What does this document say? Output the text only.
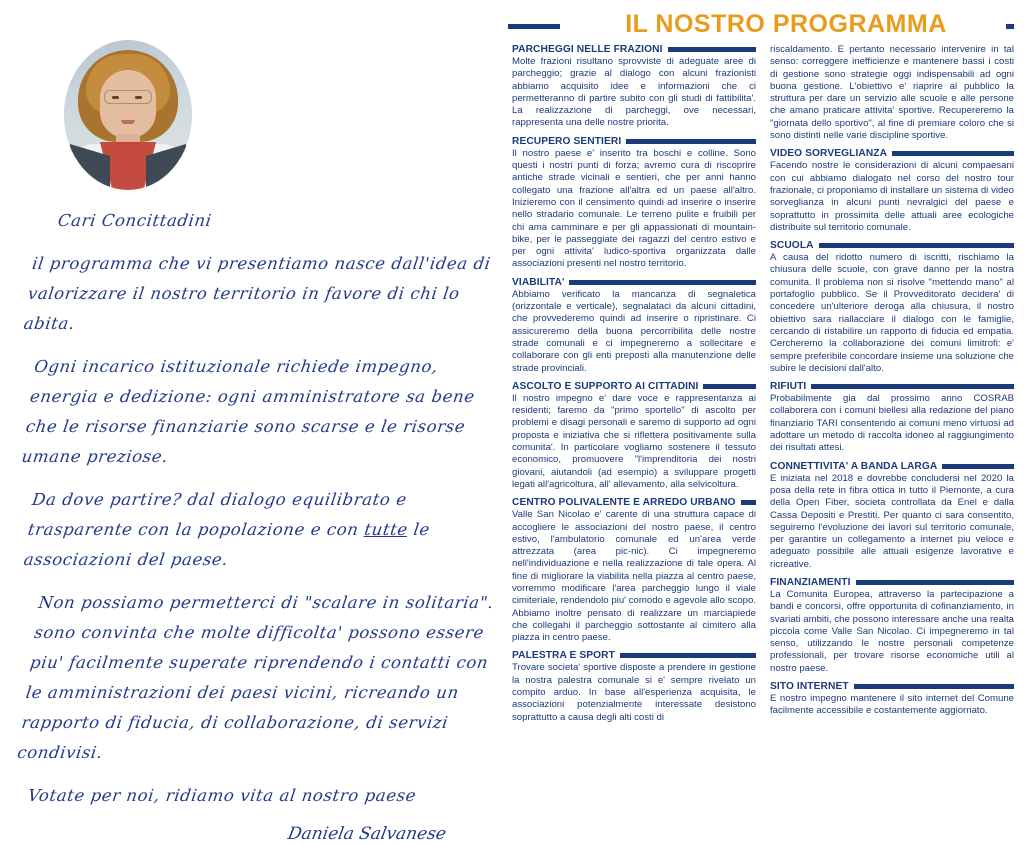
IL NOSTRO PROGRAMMA

Cari Concittadini

il programma che vi presentiamo nasce dall'idea di valorizzare il nostro territorio in favore di chi lo abita.

Ogni incarico istituzionale richiede impegno, energia e dedizione: ogni amministratore sa bene che le risorse finanziarie sono scarse e le risorse umane preziose.

Da dove partire? dal dialogo equilibrato e trasparente con la popolazione e con tutte le associazioni del paese.

Non possiamo permetterci di "scalare in solitaria". sono convinta che molte difficolta' possono essere piu' facilmente superate riprendendo i contatti con le amministrazioni dei paesi vicini, ricreando un rapporto di fiducia, di collaborazione, di servizi condivisi.

Votate per noi, ridiamo vita al nostro paese

Daniela Salvanese
PARCHEGGI NELLE FRAZIONI

Molte frazioni risultano sprovviste di adeguate aree di parcheggio; grazie al dialogo con alcuni frazionisti abbiamo acquisito idee e informazioni che ci permetteranno di partire subito con gli studi di fattibilita'. La realizzazione di parcheggi, ove necessari, rappresenta una delle nostre priorita.

RECUPERO SENTIERI

Il nostro paese e' inserito tra boschi e colline. Sono questi i nostri punti di forza; avremo cura di riscoprire antiche strade vicinali e sentieri, che per anni hanno collegato una frazione all'altra ed un paese all'altro. Inizieremo con il censimento quindi ad inserire o inserire nello stradario comunale. Le terreno pulite e fruibili per chi ama camminare e per gli appassionati di mountain-bike, per le passeggiate dei ragazzi del centro estivo e per ogni attivita' ludico-sportiva organizzata dalle associazioni presenti nel nostro territorio.

VIABILITA'

Abbiamo verificato la mancanza di segnaletica (orizzontale e verticale), segnalataci da alcuni cittadini, che provvederemo quindi ad inserire o ripristinare. Ci assicureremo della buona percorribilita delle nostre strade comunali e ci impegneremo a sollecitare e collaborare con gli enti preposti alla manutenzione delle strade provinciali.

ASCOLTO E SUPPORTO AI CITTADINI

Il nostro impegno e' dare voce e rappresentanza ai residenti; faremo da "primo sportello" di ascolto per problemi e disagi personali e saremo di supporto ad ogni proposta e iniziativa che si riflettera positivamente sulla comunita'. In particolare vogliamo sostenere il tessuto economico, promuovere "l'imprenditoria dei nostri giovani, aiutandoli (ad esempio) a sviluppare progetti legati all'agricoltura, all' allevamento, alla selvicoltura.

CENTRO POLIVALENTE E ARREDO URBANO

Valle San Nicolao e' carente di una struttura capace di accogliere le associazioni del nostro paese, il centro estivo, l'ambulatorio comunale ed un'area verde attrezzata (area pic-nic). Ci impegneremo nell'individuazione e nella realizzazione di tale opera. Al fine di migliorare la viabilita nella piazza al centro paese, vorremmo modificare l'area parcheggio lungo il viale cimiteriale, rendendolo piu' comodo e agevole allo scopo. Abbiamo inoltre pensato di realizzare un marciapiede che collegahi il parcheggio sottostante al cimitero alla piazza in centro paese.

PALESTRA E SPORT

Trovare societa' sportive disposte a prendere in gestione la nostra palestra comunale si e' sempre rivelato un compito arduo. In base all'esperienza acquisita, le associazioni potenzialmente interessate desistono soprattutto a causa degli alti costi di

riscaldamento. E pertanto necessario intervenire in tal senso: correggere inefficienze e mantenere bassi i costi di gestione sono strategie oggi indispensabili ad ogni buona gestione. L'obiettivo e' riaprire al pubblico la struttura per dare un servizio alle scuole e alle persone che amano praticare attivita' sportive. Recupereremo la "giornata dello sportivo", al fine di premiare coloro che si sono distinti nelle varie discipline sportive.

VIDEO SORVEGLIANZA

Facendo nostre le considerazioni di alcuni compaesani con cui abbiamo dialogato nel corso del nostro tour frazionale, ci proponiamo di installare un sistema di video sorveglianza in alcuni punti nevralgici del paese e soprattutto in prossimita delle attuali aree ecologiche distribuite sul territorio comunale.

SCUOLA

A causa del ridotto numero di iscritti, rischiamo la chiusura delle scuole, con grave danno per la nostra comunita. Il problema non si risolve "mettendo mano" al portafoglio pubblico. Se il Provveditorato decidera' di concedere un'ulteriore deroga alla chiusura, il nostro obiettivo sara riallacciare il dialogo con le famiglie, cercando di ristabilire un rapporto di fiducia ed empatia. Cercheremo la collaborazione dei comuni limitrofi: e' sempre preferibile concordare insieme una soluzione che subire le decisioni dall'alto.

RIFIUTI

Probabilmente gia dal prossimo anno COSRAB collaborera con i comuni biellesi alla redazione del piano finanziario TARI consentendo ai comuni meno virtuosi ad adottare un metodo di raccolta idoneo al raggiungimento dei risultati attesi.

CONNETTIVITA' A BANDA LARGA

E iniziata nel 2018 e dovrebbe concludersi nel 2020 la posa della rete in fibra ottica in tutto il Piemonte, a cura della Open Fiber, societa controllata da Enel e dalla Cassa Depositi e Prestiti. Per quanto ci sara consentito, seguiremo l'evoluzione dei lavori sul territorio comunale, per garantire un collegamento a internet piu veloce e adeguato possibile alle attuali esigenze lavorative e ricreative.

FINANZIAMENTI

La Comunita Europea, attraverso la partecipazione a bandi e concorsi, offre opportunita di cofinanziamento, in svariati ambiti, che possono interessare anche una realta piccola come Valle San Nicolao. Ci impegneremo in tal senso, utilizzando le nostre personali competenze professionali, per trovare risorse economiche utili al nostro paese.

SITO INTERNET

E nostro impegno mantenere il sito internet del Comune facilmente accessibile e costantemente aggiornato.
